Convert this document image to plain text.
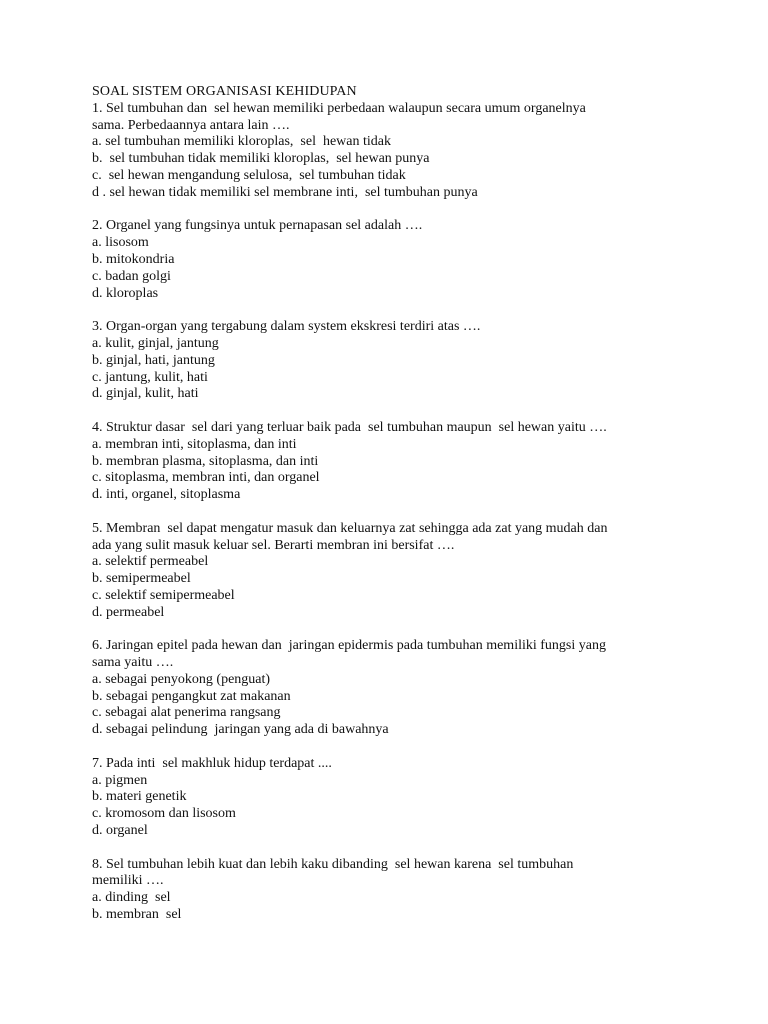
SOAL SISTEM ORGANISASI KEHIDUPAN
1. Sel tumbuhan dan  sel hewan memiliki perbedaan walaupun secara umum organelnya
sama. Perbedaannya antara lain ….
a. sel tumbuhan memiliki kloroplas,  sel  hewan tidak
b.  sel tumbuhan tidak memiliki kloroplas,  sel hewan punya
c.  sel hewan mengandung selulosa,  sel tumbuhan tidak
d . sel hewan tidak memiliki sel membrane inti,  sel tumbuhan punya
2. Organel yang fungsinya untuk pernapasan sel adalah ….
a. lisosom
b. mitokondria
c. badan golgi
d. kloroplas
3. Organ-organ yang tergabung dalam system ekskresi terdiri atas ….
a. kulit, ginjal, jantung
b. ginjal, hati, jantung
c. jantung, kulit, hati
d. ginjal, kulit, hati
4. Struktur dasar  sel dari yang terluar baik pada  sel tumbuhan maupun  sel hewan yaitu ….
a. membran inti, sitoplasma, dan inti
b. membran plasma, sitoplasma, dan inti
c. sitoplasma, membran inti, dan organel
d. inti, organel, sitoplasma
5. Membran  sel dapat mengatur masuk dan keluarnya zat sehingga ada zat yang mudah dan
ada yang sulit masuk keluar sel. Berarti membran ini bersifat ….
a. selektif permeabel
b. semipermeabel
c. selektif semipermeabel
d. permeabel
6. Jaringan epitel pada hewan dan  jaringan epidermis pada tumbuhan memiliki fungsi yang
sama yaitu ….
a. sebagai penyokong (penguat)
b. sebagai pengangkut zat makanan
c. sebagai alat penerima rangsang
d. sebagai pelindung  jaringan yang ada di bawahnya
7. Pada inti  sel makhluk hidup terdapat ....
a. pigmen
b. materi genetik
c. kromosom dan lisosom
d. organel
8. Sel tumbuhan lebih kuat dan lebih kaku dibanding  sel hewan karena  sel tumbuhan
memiliki ….
a. dinding  sel
b. membran  sel
